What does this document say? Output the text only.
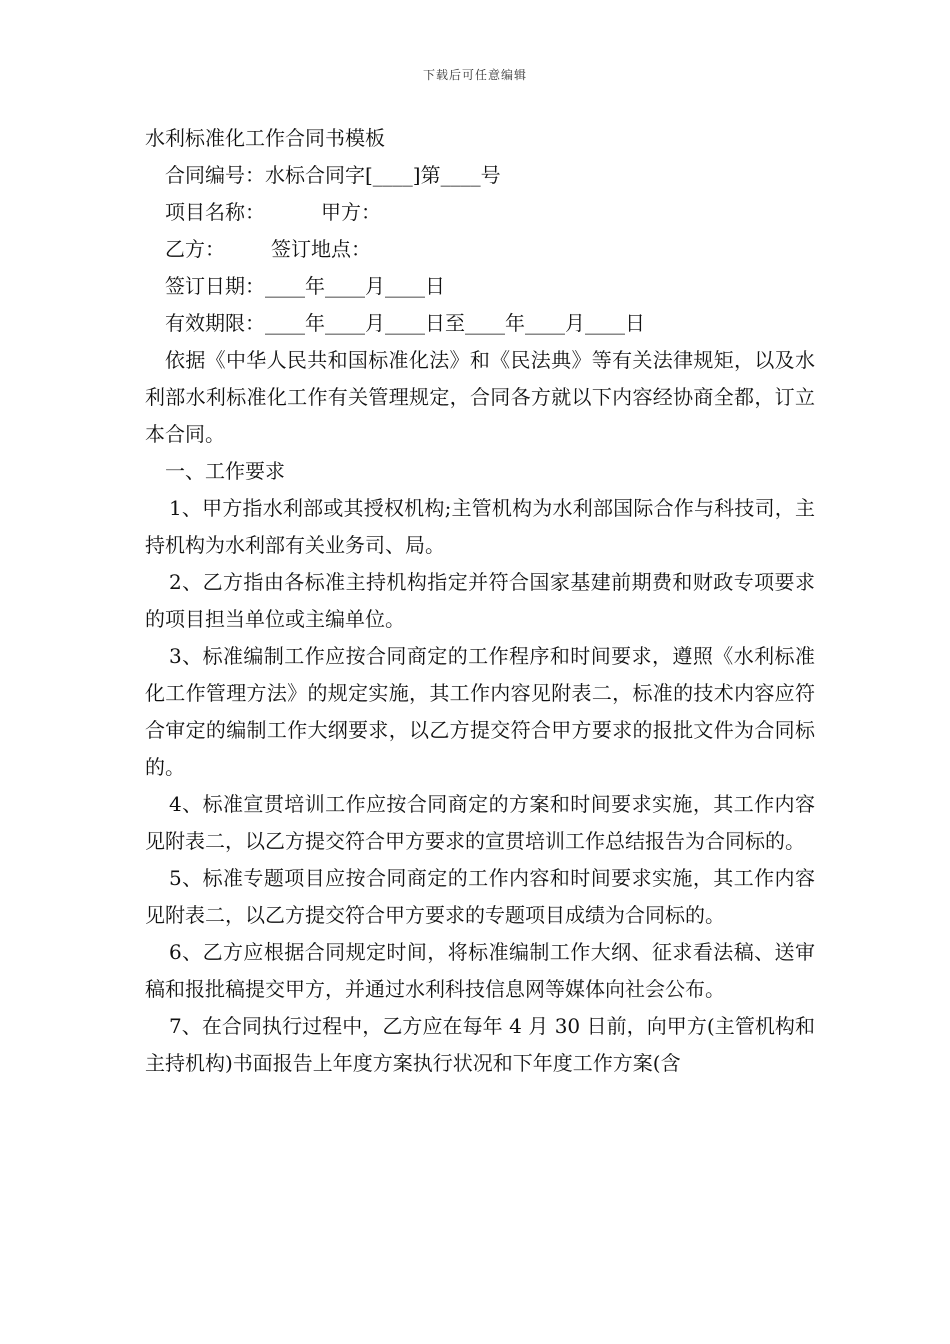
下载后可任意编辑
水利标准化工作合同书模板

合同编号：水标合同字[____]第____号

项目名称：	甲方：

乙方： 签订地点：

签订日期：____年____月____日

有效期限：____年____月____日至____年____月____日

依据《中华人民共和国标准化法》和《民法典》等有关法律规矩，以及水利部水利标准化工作有关管理规定，合同各方就以下内容经协商全都，订立本合同。

一、工作要求

1、甲方指水利部或其授权机构;主管机构为水利部国际合作与科技司，主持机构为水利部有关业务司、局。

2、乙方指由各标准主持机构指定并符合国家基建前期费和财政专项要求的项目担当单位或主编单位。

3、标准编制工作应按合同商定的工作程序和时间要求，遵照《水利标准化工作管理方法》的规定实施，其工作内容见附表二，标准的技术内容应符合审定的编制工作大纲要求，以乙方提交符合甲方要求的报批文件为合同标的。

4、标准宣贯培训工作应按合同商定的方案和时间要求实施，其工作内容见附表二，以乙方提交符合甲方要求的宣贯培训工作总结报告为合同标的。

5、标准专题项目应按合同商定的工作内容和时间要求实施，其工作内容见附表二，以乙方提交符合甲方要求的专题项目成绩为合同标的。

6、乙方应根据合同规定时间，将标准编制工作大纲、征求看法稿、送审稿和报批稿提交甲方，并通过水利科技信息网等媒体向社会公布。

7、在合同执行过程中，乙方应在每年 4 月 30 日前，向甲方(主管机构和主持机构)书面报告上年度方案执行状况和下年度工作方案(含
